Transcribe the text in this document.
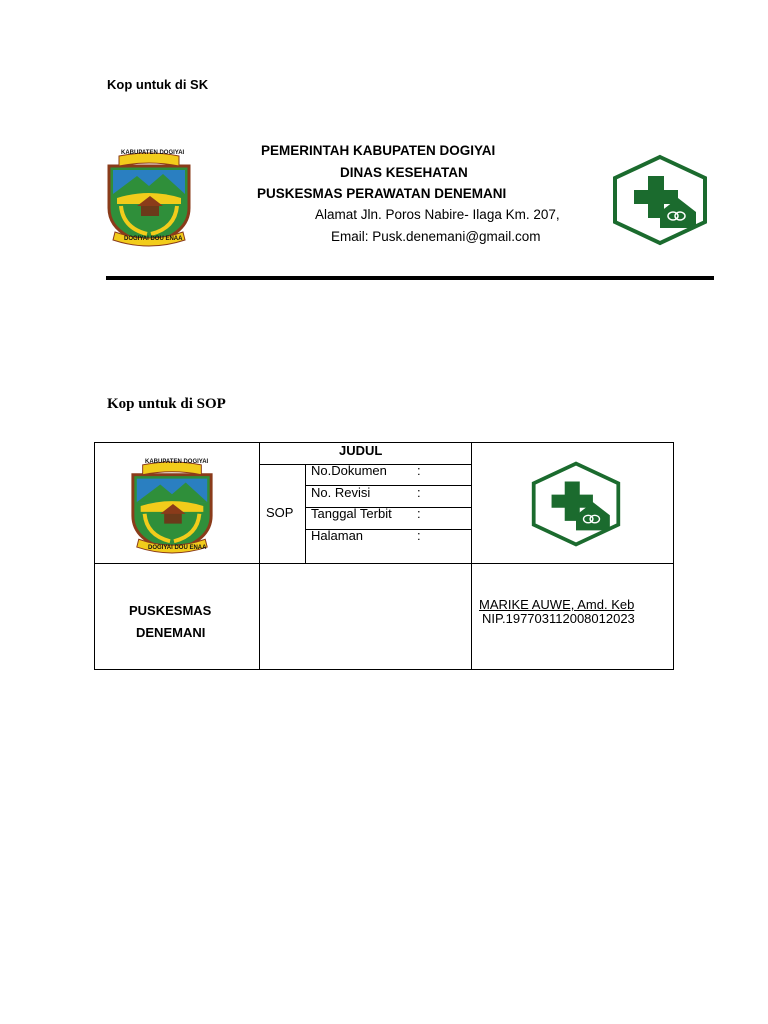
Kop untuk di SK
KABUPATEN DOGIYAI
DOGIYAI DOU ENAA
PEMERINTAH KABUPATEN DOGIYAI
DINAS KESEHATAN
PUSKESMAS PERAWATAN DENEMANI
Alamat Jln. Poros Nabire- Ilaga Km. 207,
Email: Pusk.denemani@gmail.com
Kop untuk di SOP
JUDUL
SOP
No.Dokumen :
No. Revisi	:
Tanggal Terbit :
Halaman	:
PUSKESMAS
DENEMANI
MARIKE AUWE, Amd. Keb
NIP.197703112008012023
KABUPATEN DOGIYAI
DOGIYAI DOU ENAA
